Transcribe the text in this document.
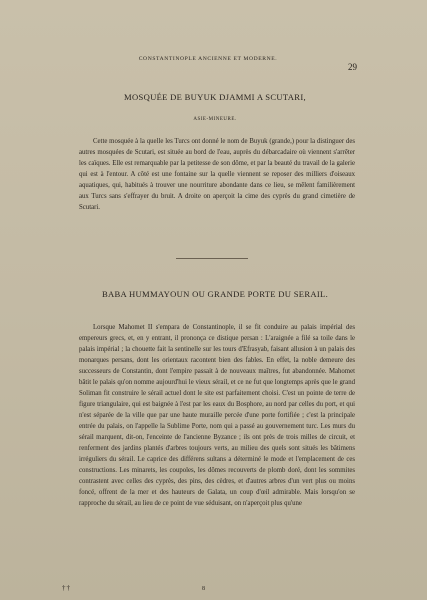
CONSTANTINOPLE ANCIENNE ET MODERNE.
29
MOSQUÉE DE BUYUK DJAMMI A SCUTARI,
ASIE-MINEURE.
Cette mosquée à la quelle les Turcs ont donné le nom de Buyuk (grande,) pour la distinguer des autres mosquées de Scutari, est située au bord de l'eau, auprès du débarcadaire où viennent s'arrêter les caïques. Elle est remarquable par la petitesse de son dôme, et par la beauté du travail de la galerie qui est à l'entour. A côté est une fontaine sur la quelle viennent se reposer des milliers d'oiseaux aquatiques, qui, habitués à trouver une nourriture abondante dans ce lieu, se mêlent familièrement aux Turcs sans s'effrayer du bruit. A droite on aperçoit la cime des cyprès du grand cimetière de Scutari.
BABA HUMMAYOUN OU GRANDE PORTE DU SERAIL.
Lorsque Mahomet II s'empara de Constantinople, il se fit conduire au palais impérial des empereurs grecs, et, en y entrant, il prononça ce distique persan : L'araignée a filé sa toile dans le palais impérial ; la chouette fait la sentinelle sur les tours d'Efrasyab, faisant allusion à un palais des monarques persans, dont les orientaux racontent bien des fables. En effet, la noble demeure des successeurs de Constantin, dont l'empire passait à de nouveaux maîtres, fut abandonnée. Mahomet bâtit le palais qu'on nomme aujourd'hui le vieux sérail, et ce ne fut que longtemps après que le grand Soliman fit construire le sérail actuel dont le site est parfaitement choisi. C'est un pointe de terre de figure triangulaire, qui est baignée à l'est par les eaux du Bosphore, au nord par celles du port, et qui n'est séparée de la ville que par une haute muraille percée d'une porte fortifiée ; c'est la principale entrée du palais, on l'appelle la Sublime Porte, nom qui a passé au gouvernement turc. Les murs du sérail marquent, dit-on, l'enceinte de l'ancienne Byzance ; ils ont près de trois milles de circuit, et renferment des jardins plantés d'arbres toujours verts, au milieu des quels sont situés les bâtimens irréguliers du sérail. Le caprice des différens sultans a déterminé le mode et l'emplacement de ces constructions. Les minarets, les coupoles, les dômes recouverts de plomb doré, dont les sommites contrastent avec celles des cyprès, des pins, des cèdres, et d'autres arbres d'un vert plus ou moins foncé, offrent de la mer et des hauteurs de Galata, un coup d'œil admirable. Mais lorsqu'on se rapproche du sérail, au lieu de ce point de vue séduisant, on n'aperçoit plus qu'une
††	8
